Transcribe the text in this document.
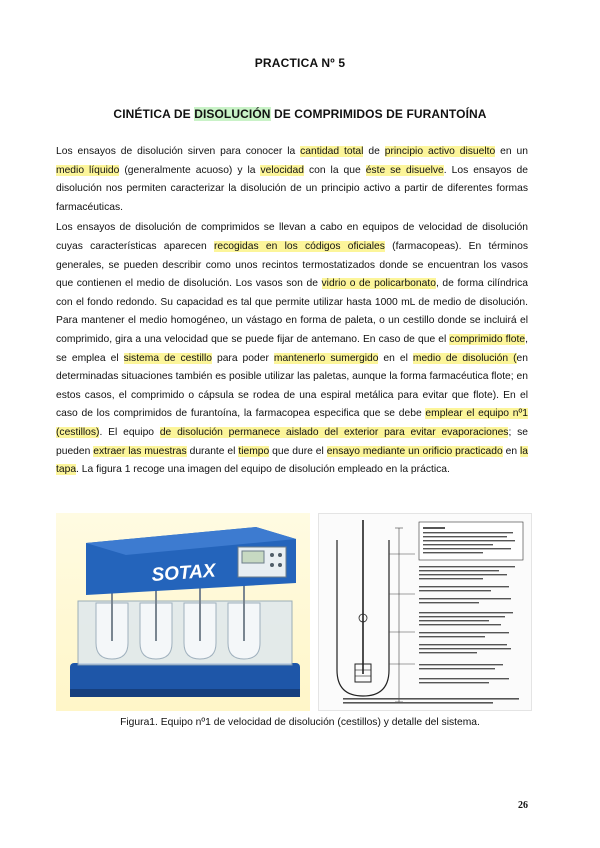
PRACTICA Nº 5
CINÉTICA DE DISOLUCIÓN DE COMPRIMIDOS DE FURANTOÍNA

Los ensayos de disolución sirven para conocer la cantidad total de principio activo disuelto en un medio líquido (generalmente acuoso) y la velocidad con la que éste se disuelve. Los ensayos de disolución nos permiten caracterizar la disolución de un principio activo a partir de diferentes formas farmacéuticas.

Los ensayos de disolución de comprimidos se llevan a cabo en equipos de velocidad de disolución cuyas características aparecen recogidas en los códigos oficiales (farmacopeas). En términos generales, se pueden describir como unos recintos termostatizados donde se encuentran los vasos que contienen el medio de disolución. Los vasos son de vidrio o de policarbonato, de forma cilíndrica con el fondo redondo. Su capacidad es tal que permite utilizar hasta 1000 mL de medio de disolución. Para mantener el medio homogéneo, un vástago en forma de paleta, o un cestillo donde se incluirá el comprimido, gira a una velocidad que se puede fijar de antemano. En caso de que el comprimido flote, se emplea el sistema de cestillo para poder mantenerlo sumergido en el medio de disolución (en determinadas situaciones también es posible utilizar las paletas, aunque la forma farmacéutica flote; en estos casos, el comprimido o cápsula se rodea de una espiral metálica para evitar que flote). En el caso de los comprimidos de furantoína, la farmacopea especifica que se debe emplear el equipo nº1 (cestillos). El equipo de disolución permanece aislado del exterior para evitar evaporaciones; se pueden extraer las muestras durante el tiempo que dure el ensayo mediante un orificio practicado en la tapa. La figura 1 recoge una imagen del equipo de disolución empleado en la práctica.

SOTAX
Figura1. Equipo nº1 de velocidad de disolución (cestillos) y detalle del sistema.
26
